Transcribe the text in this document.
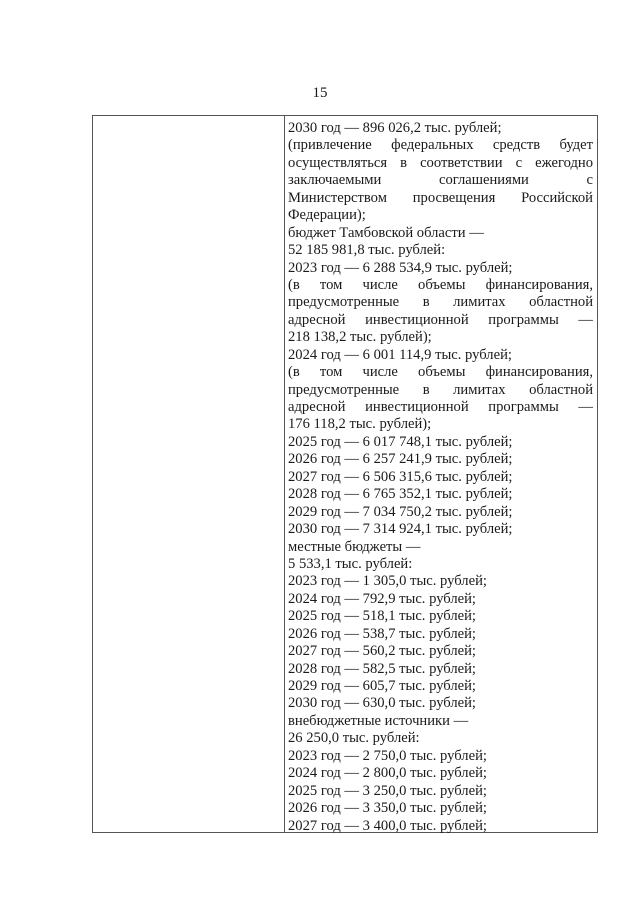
15
2030 год — 896 026,2 тыс. рублей;
(привлечение федеральных средств будет
осуществляться в соответствии с ежегодно
заключаемыми соглашениями с
Министерством просвещения Российской
Федерации);
бюджет Тамбовской области —
52 185 981,8 тыс. рублей:
2023 год — 6 288 534,9 тыс. рублей;
(в том числе объемы финансирования,
предусмотренные в лимитах областной
адресной инвестиционной программы —
218 138,2 тыс. рублей);
2024 год — 6 001 114,9 тыс. рублей;
(в том числе объемы финансирования,
предусмотренные в лимитах областной
адресной инвестиционной программы —
176 118,2 тыс. рублей);
2025 год — 6 017 748,1 тыс. рублей;
2026 год — 6 257 241,9 тыс. рублей;
2027 год — 6 506 315,6 тыс. рублей;
2028 год — 6 765 352,1 тыс. рублей;
2029 год — 7 034 750,2 тыс. рублей;
2030 год — 7 314 924,1 тыс. рублей;
местные бюджеты —
5 533,1 тыс. рублей:
2023 год — 1 305,0 тыс. рублей;
2024 год — 792,9 тыс. рублей;
2025 год — 518,1 тыс. рублей;
2026 год — 538,7 тыс. рублей;
2027 год — 560,2 тыс. рублей;
2028 год — 582,5 тыс. рублей;
2029 год — 605,7 тыс. рублей;
2030 год — 630,0 тыс. рублей;
внебюджетные источники —
26 250,0 тыс. рублей:
2023 год — 2 750,0 тыс. рублей;
2024 год — 2 800,0 тыс. рублей;
2025 год — 3 250,0 тыс. рублей;
2026 год — 3 350,0 тыс. рублей;
2027 год — 3 400,0 тыс. рублей;
